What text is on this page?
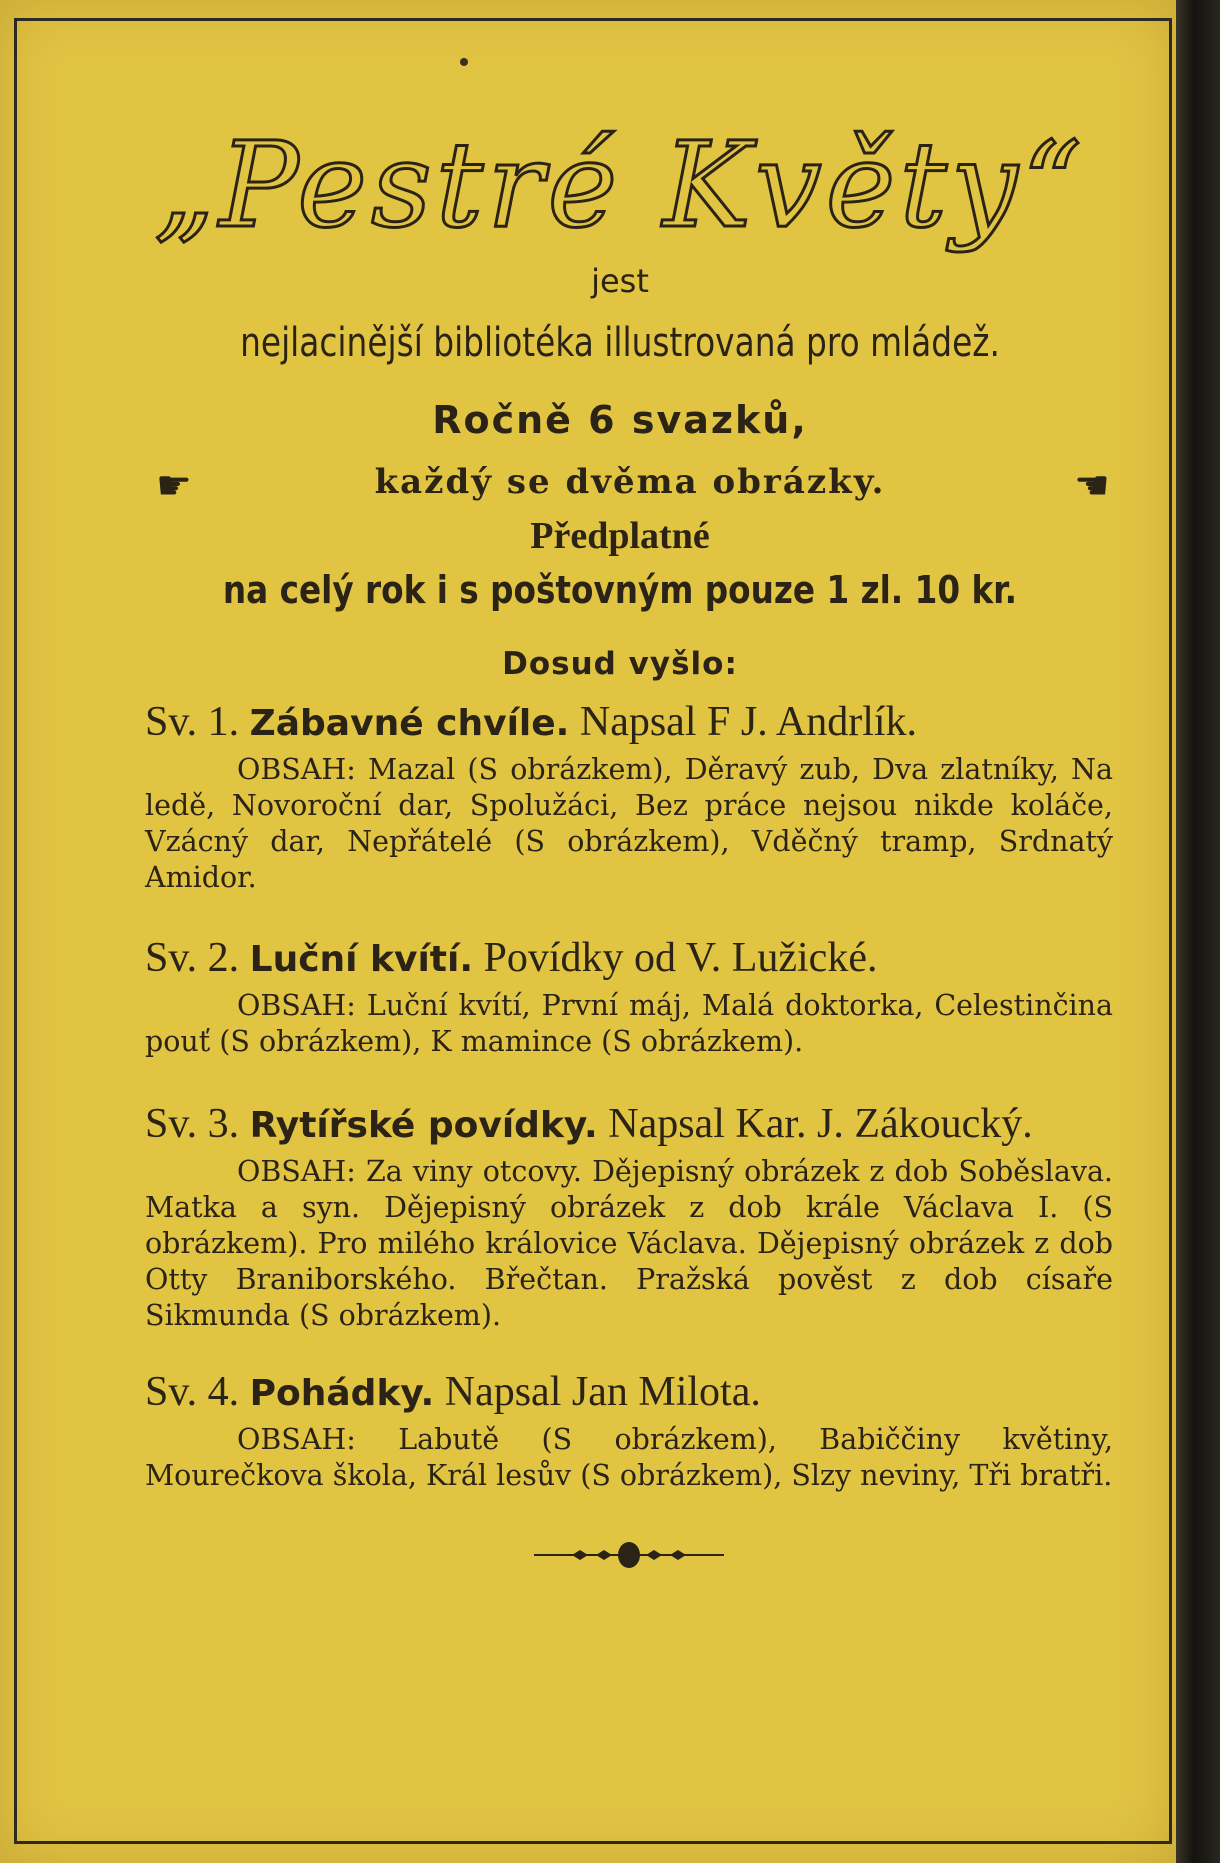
„Pestré Květy“
jest
nejlacinější bibliotéka illustrovaná pro mládež.
Ročně 6 svazků,
☛	každý se dvěma obrázky.	☛
Předplatné
na celý rok i s poštovným pouze 1 zl. 10 kr.
Dosud vyšlo:
Sv. 1. Zábavné chvíle. Napsal F J. Andrlík.
OBSAH: Mazal (S obrázkem), Děravý zub, Dva zlatníky, Na ledě, Novoroční dar, Spolužáci, Bez práce nejsou nikde koláče, Vzácný dar, Nepřátelé (S obrázkem), Vděčný tramp, Srdnatý Amidor.
Sv. 2. Luční kvítí. Povídky od V. Lužické.
OBSAH: Luční kvítí, První máj, Malá doktorka, Celestinčina pouť (S obrázkem), K mamince (S obrázkem).
Sv. 3. Rytířské povídky. Napsal Kar. J. Zákoucký.
OBSAH: Za viny otcovy. Dějepisný obrázek z dob Soběslava. Matka a syn. Dějepisný obrázek z dob krále Václava I. (S obrázkem). Pro milého královice Václava. Dějepisný obrázek z dob Otty Braniborského. Břečtan. Pražská pověst z dob císaře Sikmunda (S obrázkem).
Sv. 4. Pohádky. Napsal Jan Milota.
OBSAH: Labutě (S obrázkem), Babiččiny květiny, Mourečkova škola, Král lesův (S obrázkem), Slzy neviny, Tři bratři.
